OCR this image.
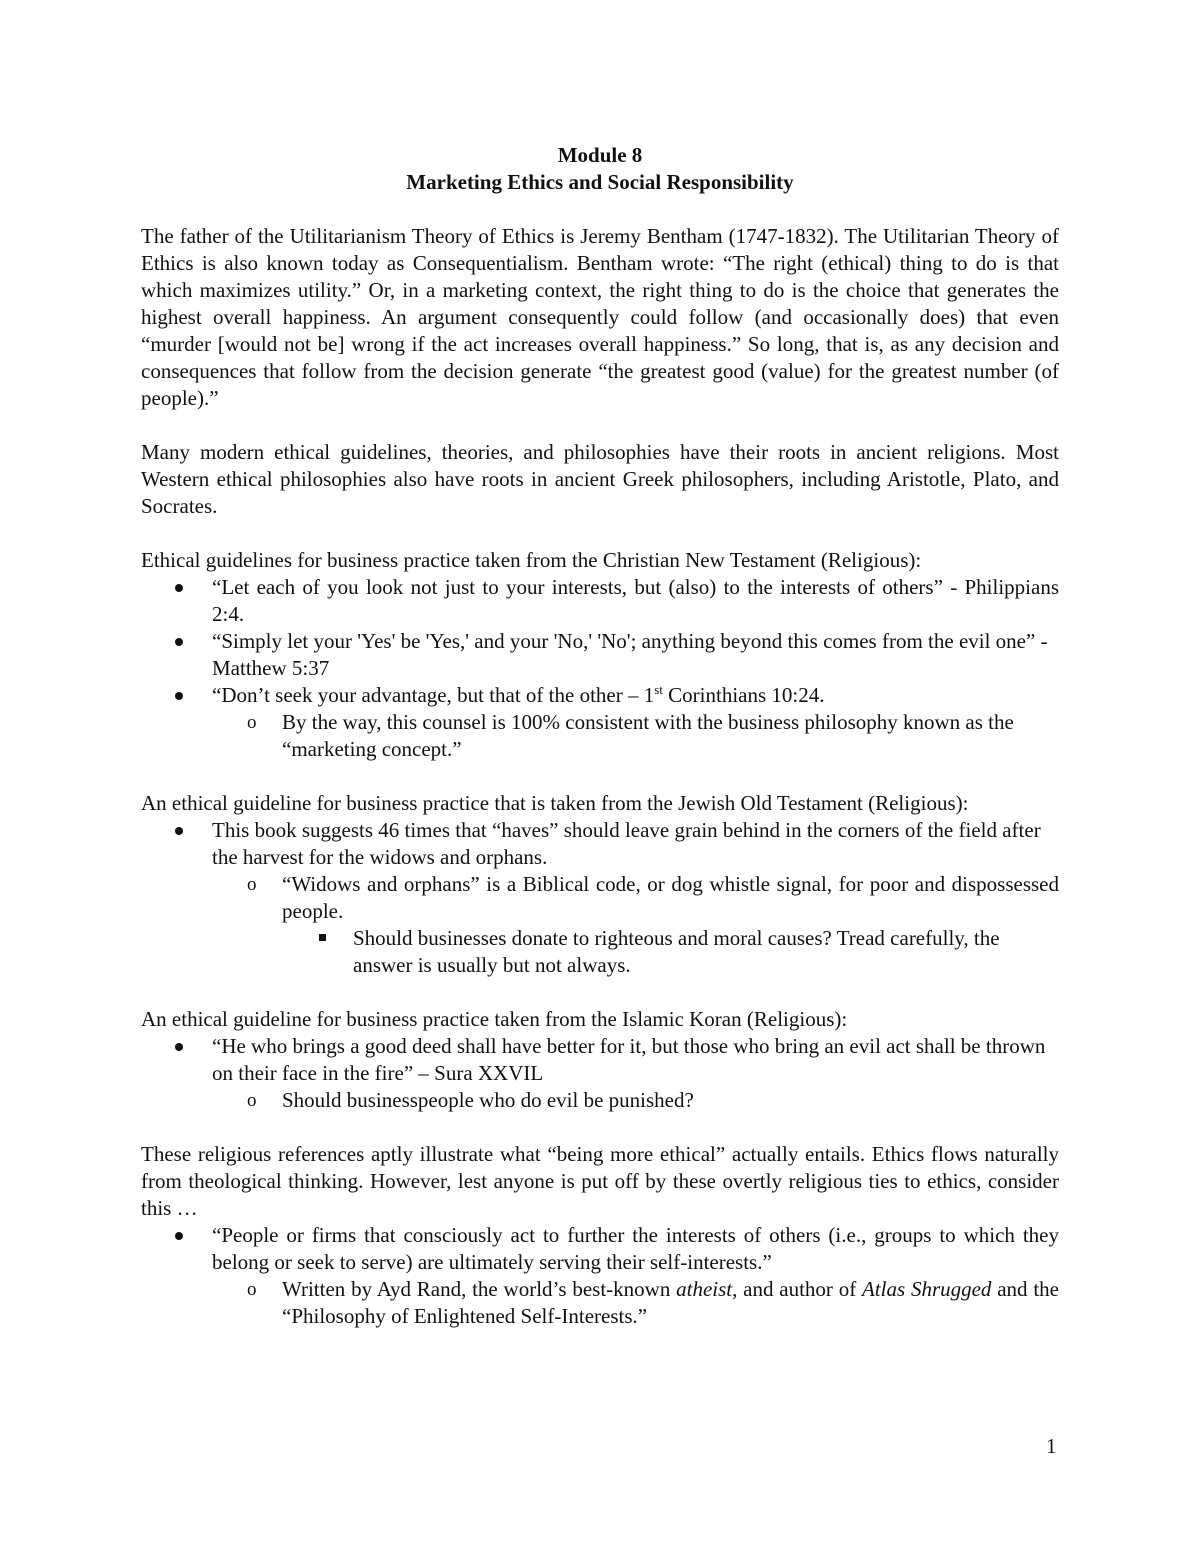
Module 8

Marketing Ethics and Social Responsibility

The father of the Utilitarianism Theory of Ethics is Jeremy Bentham (1747-1832). The Utilitarian Theory of Ethics is also known today as Consequentialism. Bentham wrote: “The right (ethical) thing to do is that which maximizes utility.” Or, in a marketing context, the right thing to do is the choice that generates the highest overall happiness. An argument consequently could follow (and occasionally does) that even “murder [would not be] wrong if the act increases overall happiness.” So long, that is, as any decision and consequences that follow from the decision generate “the greatest good (value) for the greatest number (of people).”

Many modern ethical guidelines, theories, and philosophies have their roots in ancient religions. Most Western ethical philosophies also have roots in ancient Greek philosophers, including Aristotle, Plato, and Socrates.

Ethical guidelines for business practice taken from the Christian New Testament (Religious):

“Let each of you look not just to your interests, but (also) to the interests of others” - Philippians 2:4.
“Simply let your 'Yes' be 'Yes,' and your 'No,' 'No'; anything beyond this comes from the evil one” - Matthew 5:37
“Don’t seek your advantage, but that of the other – 1st Corinthians 10:24.
o By the way, this counsel is 100% consistent with the business philosophy known as the “marketing concept.”

An ethical guideline for business practice that is taken from the Jewish Old Testament (Religious):

This book suggests 46 times that “haves” should leave grain behind in the corners of the field after the harvest for the widows and orphans.
o “Widows and orphans” is a Biblical code, or dog whistle signal, for poor and dispossessed people.
Should businesses donate to righteous and moral causes? Tread carefully, the answer is usually but not always.

An ethical guideline for business practice taken from the Islamic Koran (Religious):

“He who brings a good deed shall have better for it, but those who bring an evil act shall be thrown on their face in the fire” – Sura XXVIL
o Should businesspeople who do evil be punished?

These religious references aptly illustrate what “being more ethical” actually entails. Ethics flows naturally from theological thinking. However, lest anyone is put off by these overtly religious ties to ethics, consider this …

“People or firms that consciously act to further the interests of others (i.e., groups to which they belong or seek to serve) are ultimately serving their self-interests.”
o Written by Ayd Rand, the world’s best-known atheist, and author of Atlas Shrugged and the “Philosophy of Enlightened Self-Interests.”
1
